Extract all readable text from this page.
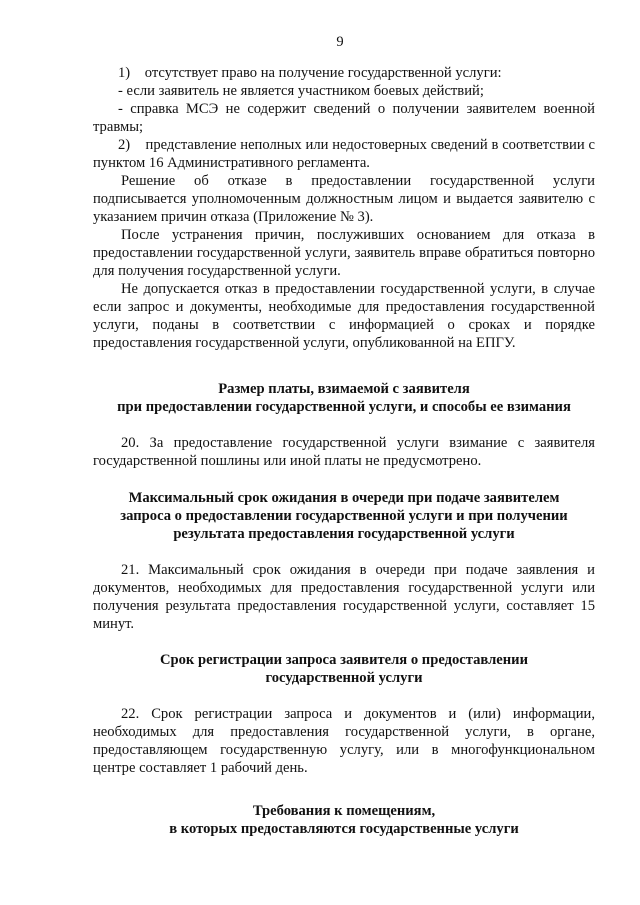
9

1)    отсутствует право на получение государственной услуги:

- если заявитель не является участником боевых действий;

- справка МСЭ не содержит сведений о получении заявителем военной травмы;

2)    представление неполных или недостоверных сведений в соответствии с пунктом 16 Административного регламента.

Решение об отказе в предоставлении государственной услуги подписывается уполномоченным должностным лицом и выдается заявителю с указанием причин отказа (Приложение № 3).

После устранения причин, послуживших основанием для отказа в предоставлении государственной услуги, заявитель вправе обратиться повторно для получения государственной услуги.

Не допускается отказ в предоставлении государственной услуги, в случае если запрос и документы, необходимые для предоставления государственной услуги, поданы в соответствии с информацией о сроках и порядке предоставления государственной услуги, опубликованной на ЕПГУ.

Размер платы, взимаемой с заявителя
при предоставлении государственной услуги, и способы ее взимания

20. За предоставление государственной услуги взимание с заявителя государственной пошлины или иной платы не предусмотрено.

Максимальный срок ожидания в очереди при подаче заявителем
запроса о предоставлении государственной услуги и при получении
результата предоставления государственной услуги

21. Максимальный срок ожидания в очереди при подаче заявления и документов, необходимых для предоставления государственной услуги или получения результата предоставления государственной услуги, составляет 15 минут.

Срок регистрации запроса заявителя о предоставлении
государственной услуги

22. Срок регистрации запроса и документов и (или) информации, необходимых для предоставления государственной услуги, в органе, предоставляющем государственную услугу, или в многофункциональном центре составляет 1 рабочий день.

Требования к помещениям,
в которых предоставляются государственные услуги
